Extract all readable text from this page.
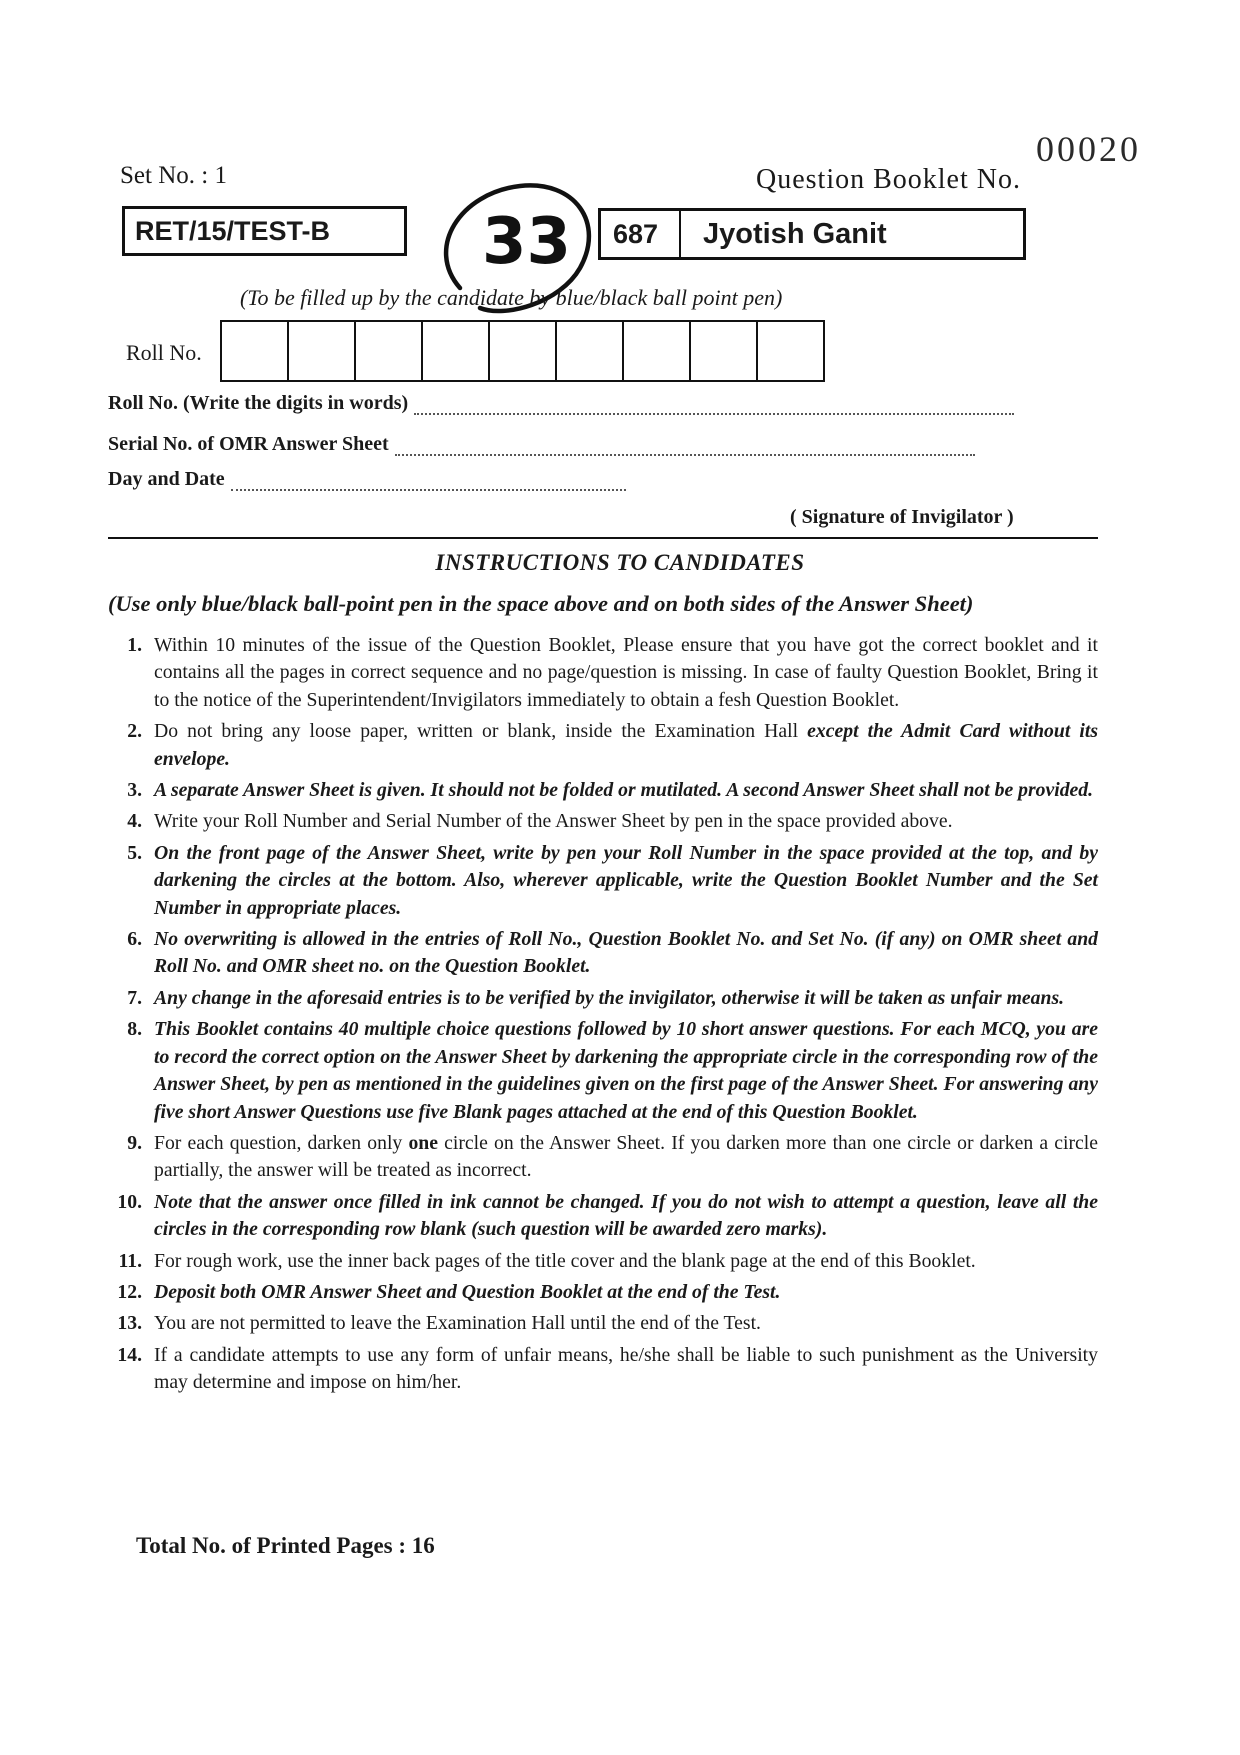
00020
Set No. : 1	Question Booklet No.
RET/15/TEST-B	687	Jyotish Ganit
33
(To be filled up by the candidate by blue/black ball point pen)
Roll No.
Roll No. (Write the digits in words)
Serial No. of OMR Answer Sheet
Day and Date
( Signature of Invigilator )
INSTRUCTIONS TO CANDIDATES
(Use only blue/black ball-point pen in the space above and on both sides of the Answer Sheet)
1. Within 10 minutes of the issue of the Question Booklet, Please ensure that you have got the correct booklet and it contains all the pages in correct sequence and no page/question is missing. In case of faulty Question Booklet, Bring it to the notice of the Superintendent/Invigilators immediately to obtain a fesh Question Booklet.
2. Do not bring any loose paper, written or blank, inside the Examination Hall except the Admit Card without its envelope.
3. A separate Answer Sheet is given. It should not be folded or mutilated. A second Answer Sheet shall not be provided.
4. Write your Roll Number and Serial Number of the Answer Sheet by pen in the space provided above.
5. On the front page of the Answer Sheet, write by pen your Roll Number in the space provided at the top, and by darkening the circles at the bottom. Also, wherever applicable, write the Question Booklet Number and the Set Number in appropriate places.
6. No overwriting is allowed in the entries of Roll No., Question Booklet No. and Set No. (if any) on OMR sheet and Roll No. and OMR sheet no. on the Question Booklet.
7. Any change in the aforesaid entries is to be verified by the invigilator, otherwise it will be taken as unfair means.
8. This Booklet contains 40 multiple choice questions followed by 10 short answer questions. For each MCQ, you are to record the correct option on the Answer Sheet by darkening the appropriate circle in the corresponding row of the Answer Sheet, by pen as mentioned in the guidelines given on the first page of the Answer Sheet. For answering any five short Answer Questions use five Blank pages attached at the end of this Question Booklet.
9. For each question, darken only one circle on the Answer Sheet. If you darken more than one circle or darken a circle partially, the answer will be treated as incorrect.
10. Note that the answer once filled in ink cannot be changed. If you do not wish to attempt a question, leave all the circles in the corresponding row blank (such question will be awarded zero marks).
11. For rough work, use the inner back pages of the title cover and the blank page at the end of this Booklet.
12. Deposit both OMR Answer Sheet and Question Booklet at the end of the Test.
13. You are not permitted to leave the Examination Hall until the end of the Test.
14. If a candidate attempts to use any form of unfair means, he/she shall be liable to such punishment as the University may determine and impose on him/her.
Total No. of Printed Pages : 16
